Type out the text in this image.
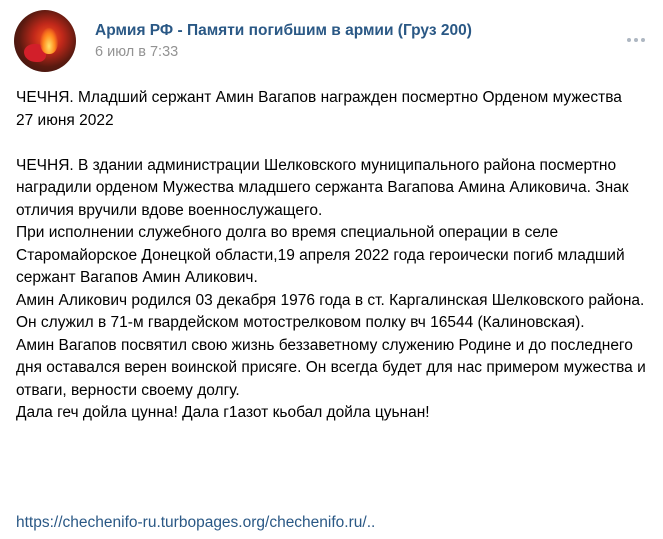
Армия РФ - Памяти погибшим в армии (Груз 200)
6 июл в 7:33

ЧЕЧНЯ. Младший сержант Амин Вагапов награжден посмертно Орденом мужества

27 июня 2022

ЧЕЧНЯ. В здании администрации Шелковского муниципального района посмертно наградили орденом Мужества младшего сержанта Вагапова Амина Аликовича. Знак отличия вручили вдове военнослужащего.

При исполнении служебного долга во время специальной операции в селе Старомайорское Донецкой области,19 апреля 2022 года героически погиб младший сержант Вагапов Амин Аликович.

Амин Аликович родился 03 декабря 1976 года в ст. Каргалинская Шелковского района. Он служил в 71-м гвардейском мотострелковом полку вч 16544 (Калиновская).

Амин Вагапов посвятил свою жизнь беззаветному служению Родине и до последнего дня оставался верен воинской присяге. Он всегда будет для нас примером мужества и отваги, верности своему долгу.

Дала геч дойла цунна! Дала г1азот кьобал дойла цуьнан!

https://chechenifo-ru.turbopages.org/chechenifo.ru/..
